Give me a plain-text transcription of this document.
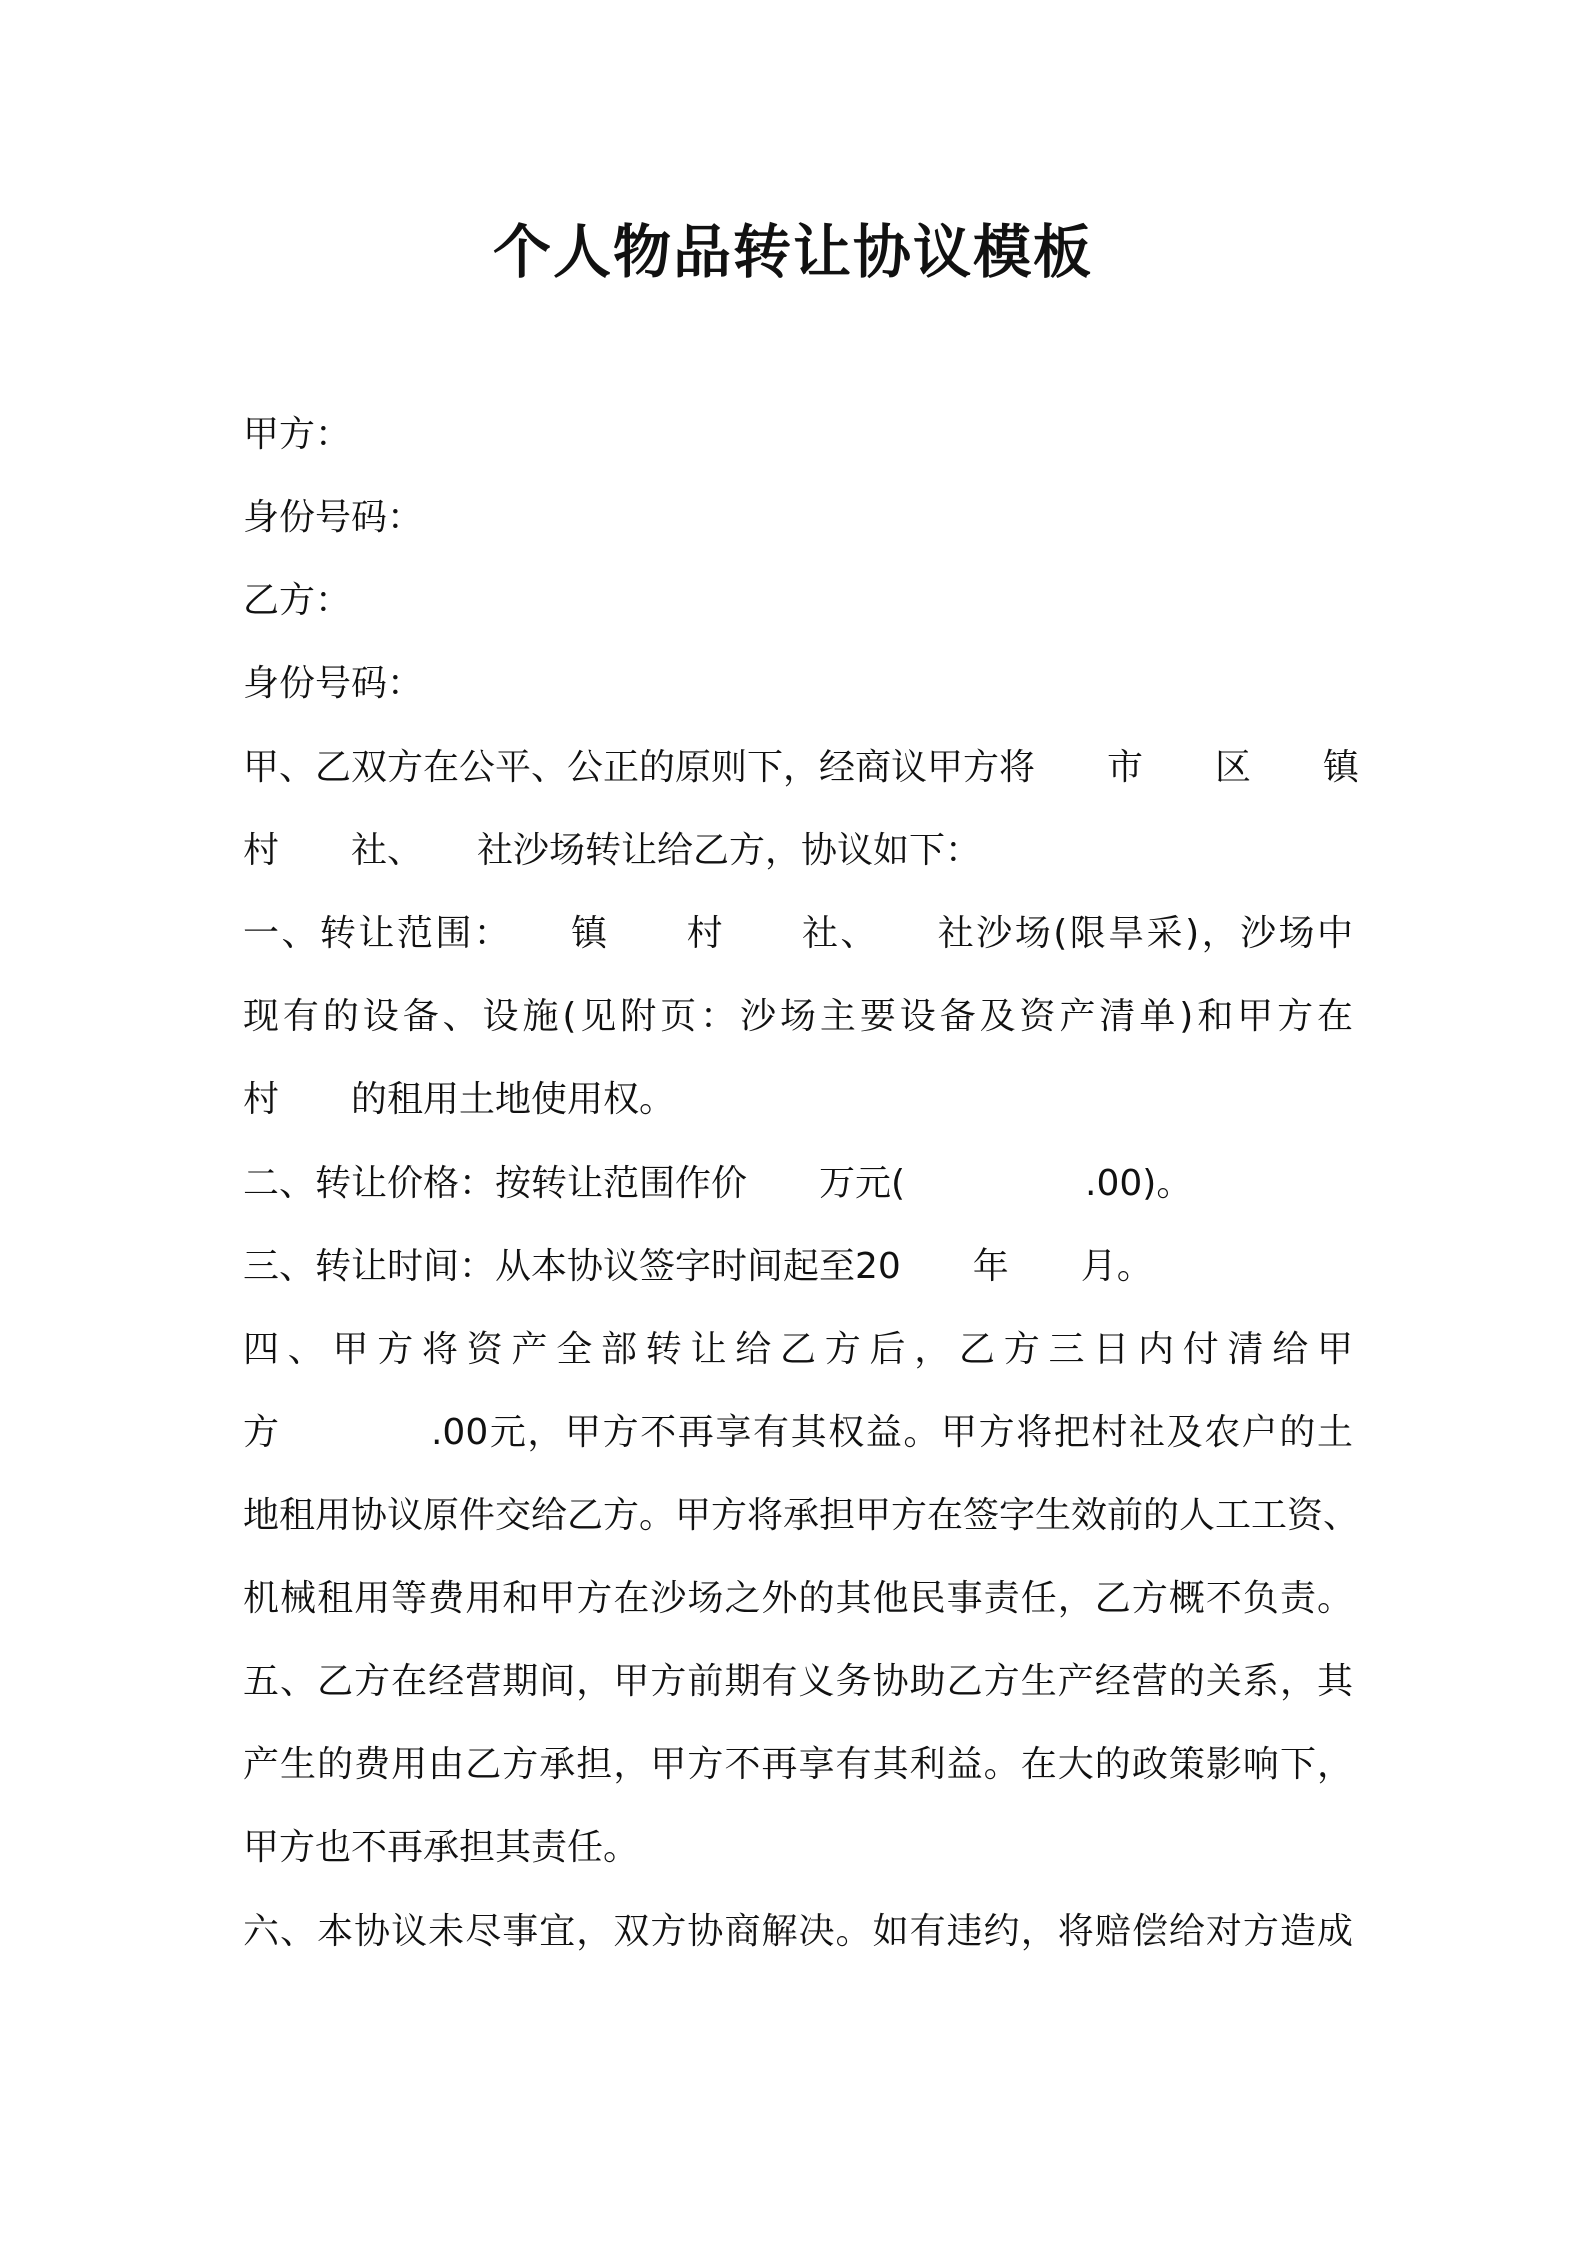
个人物品转让协议模板
甲方：
身份号码：
乙方：
身份号码：
甲、乙双方在公平、公正的原则下，经商议甲方将　　市　　区　　镇
村　　社、　　社沙场转让给乙方，协议如下：
一、转让范围：　　镇　　村　　社、　　社沙场(限旱采)，沙场中
现有的设备、设施(见附页：沙场主要设备及资产清单)和甲方在
村　　的租用土地使用权。
二、转让价格：按转让范围作价　　万元(　　　　　.00)。
三、转让时间：从本协议签字时间起至20　　年　　月。
四、甲方将资产全部转让给乙方后，乙方三日内付清给甲
方　　　　.00元，甲方不再享有其权益。甲方将把村社及农户的土
地租用协议原件交给乙方。甲方将承担甲方在签字生效前的人工工资、
机械租用等费用和甲方在沙场之外的其他民事责任，乙方概不负责。
五、乙方在经营期间，甲方前期有义务协助乙方生产经营的关系，其
产生的费用由乙方承担，甲方不再享有其利益。在大的政策影响下，
甲方也不再承担其责任。
六、本协议未尽事宜，双方协商解决。如有违约，将赔偿给对方造成
